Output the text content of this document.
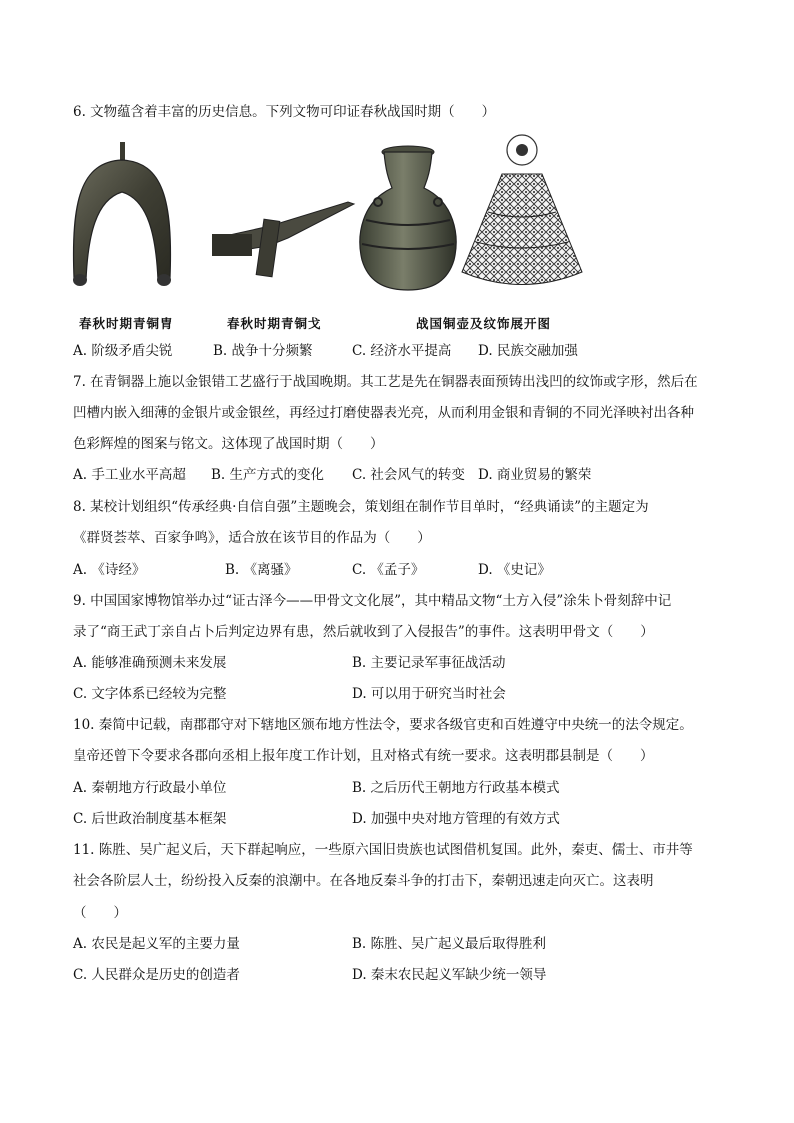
6. 文物蕴含着丰富的历史信息。下列文物可印证春秋战国时期（　　）
春秋时期青铜胄	春秋时期青铜戈	战国铜壶及纹饰展开图
A. 阶级矛盾尖锐	B. 战争十分频繁	C. 经济水平提高 D. 民族交融加强
7. 在青铜器上施以金银错工艺盛行于战国晚期。其工艺是先在铜器表面预铸出浅凹的纹饰或字形，然后在
凹槽内嵌入细薄的金银片或金银丝，再经过打磨使器表光亮，从而利用金银和青铜的不同光泽映衬出各种
色彩辉煌的图案与铭文。这体现了战国时期（　　）
A. 手工业水平高超 B. 生产方式的变化 C. 社会风气的转变 D. 商业贸易的繁荣
8. 某校计划组织“传承经典·自信自强”主题晚会，策划组在制作节目单时，“经典诵读”的主题定为
《群贤荟萃、百家争鸣》，适合放在该节目的作品为（　　）
A. 《诗经》	B. 《离骚》	C. 《孟子》	D. 《史记》
9. 中国国家博物馆举办过“证古泽今——甲骨文文化展”，其中精品文物“土方入侵”涂朱卜骨刻辞中记
录了“商王武丁亲自占卜后判定边界有患，然后就收到了入侵报告”的事件。这表明甲骨文（　　）
A. 能够准确预测未来发展	B. 主要记录军事征战活动
C. 文字体系已经较为完整	D. 可以用于研究当时社会
10. 秦简中记载，南郡郡守对下辖地区颁布地方性法令，要求各级官吏和百姓遵守中央统一的法令规定。
皇帝还曾下令要求各郡向丞相上报年度工作计划，且对格式有统一要求。这表明郡县制是（　　）
A. 秦朝地方行政最小单位	B. 之后历代王朝地方行政基本模式
C. 后世政治制度基本框架	D. 加强中央对地方管理的有效方式
11. 陈胜、吴广起义后，天下群起响应，一些原六国旧贵族也试图借机复国。此外，秦吏、儒士、市井等
社会各阶层人士，纷纷投入反秦的浪潮中。在各地反秦斗争的打击下，秦朝迅速走向灭亡。这表明
（　　）
A. 农民是起义军的主要力量	B. 陈胜、吴广起义最后取得胜利
C. 人民群众是历史的创造者	D. 秦末农民起义军缺少统一领导
